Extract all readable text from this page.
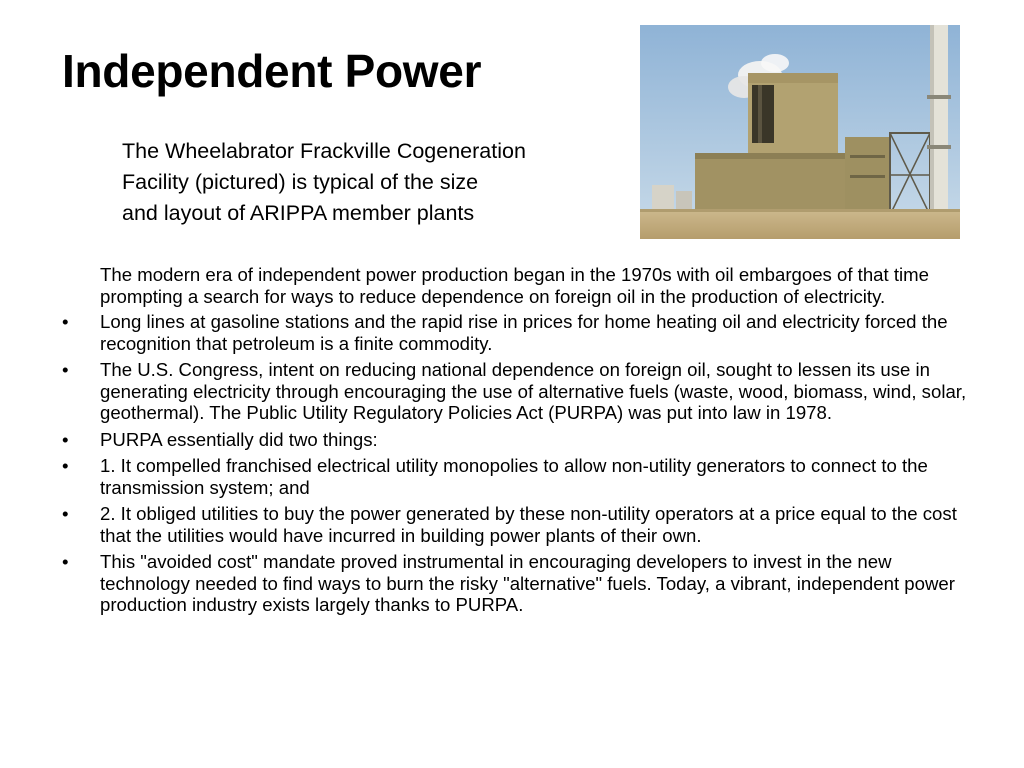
Independent Power
The Wheelabrator Frackville Cogeneration
Facility (pictured) is typical of the size
and layout of ARIPPA member plants

The modern era of independent power production began in the 1970s with oil embargoes of that time prompting a search for ways to reduce dependence on foreign oil in the production of electricity.

• Long lines at gasoline stations and the rapid rise in prices for home heating oil and electricity forced the recognition that petroleum is a finite commodity.
• The U.S. Congress, intent on reducing national dependence on foreign oil, sought to lessen its use in generating electricity through encouraging the use of alternative fuels (waste, wood, biomass, wind, solar, geothermal). The Public Utility Regulatory Policies Act (PURPA) was put into law in 1978.
• PURPA essentially did two things:
• 1. It compelled franchised electrical utility monopolies to allow non-utility generators to connect to the transmission system; and
• 2. It obliged utilities to buy the power generated by these non-utility operators at a price equal to the cost that the utilities would have incurred in building power plants of their own.
• This "avoided cost" mandate proved instrumental in encouraging developers to invest in the new technology needed to find ways to burn the risky "alternative" fuels. Today, a vibrant, independent power production industry exists largely thanks to PURPA.
